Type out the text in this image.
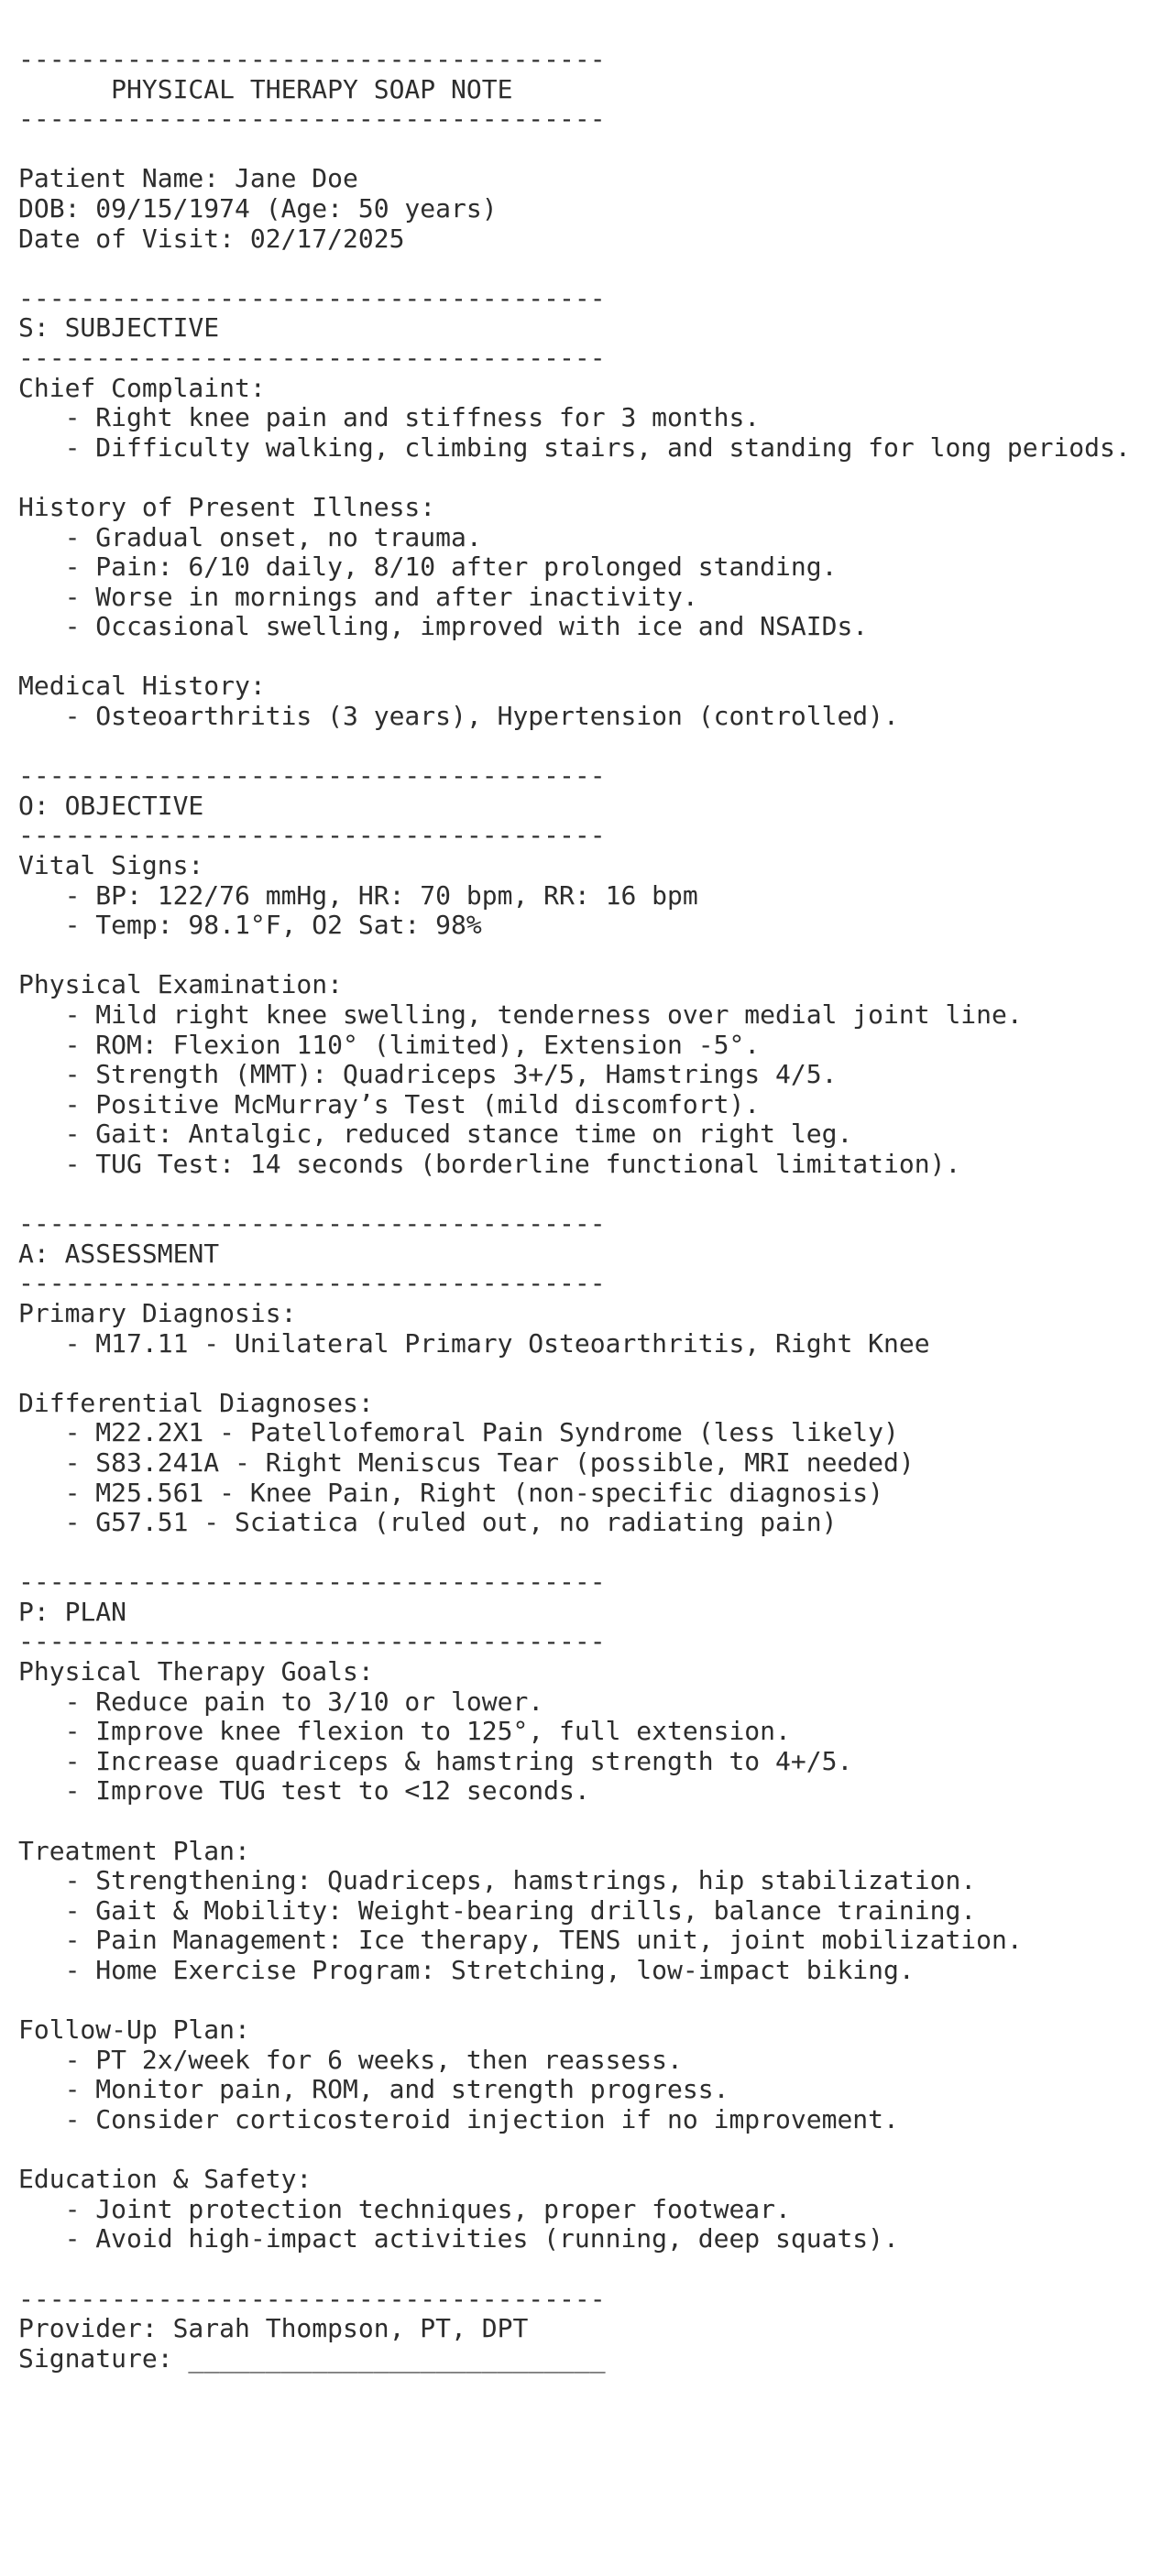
--------------------------------------
PHYSICAL THERAPY SOAP NOTE
--------------------------------------

Patient Name: Jane Doe
DOB: 09/15/1974 (Age: 50 years)
Date of Visit: 02/17/2025

--------------------------------------
S: SUBJECTIVE
--------------------------------------
Chief Complaint:
- Right knee pain and stiffness for 3 months.
- Difficulty walking, climbing stairs, and standing for long periods.

History of Present Illness:
- Gradual onset, no trauma.
- Pain: 6/10 daily, 8/10 after prolonged standing.
- Worse in mornings and after inactivity.
- Occasional swelling, improved with ice and NSAIDs.

Medical History:
- Osteoarthritis (3 years), Hypertension (controlled).

--------------------------------------
O: OBJECTIVE
--------------------------------------
Vital Signs:
- BP: 122/76 mmHg, HR: 70 bpm, RR: 16 bpm
- Temp: 98.1°F, O2 Sat: 98%

Physical Examination:
- Mild right knee swelling, tenderness over medial joint line.
- ROM: Flexion 110° (limited), Extension -5°.
- Strength (MMT): Quadriceps 3+/5, Hamstrings 4/5.
- Positive McMurray’s Test (mild discomfort).
- Gait: Antalgic, reduced stance time on right leg.
- TUG Test: 14 seconds (borderline functional limitation).

--------------------------------------
A: ASSESSMENT
--------------------------------------
Primary Diagnosis:
- M17.11 - Unilateral Primary Osteoarthritis, Right Knee

Differential Diagnoses:
- M22.2X1 - Patellofemoral Pain Syndrome (less likely)
- S83.241A - Right Meniscus Tear (possible, MRI needed)
- M25.561 - Knee Pain, Right (non-specific diagnosis)
- G57.51 - Sciatica (ruled out, no radiating pain)

--------------------------------------
P: PLAN
--------------------------------------
Physical Therapy Goals:
- Reduce pain to 3/10 or lower.
- Improve knee flexion to 125°, full extension.
- Increase quadriceps & hamstring strength to 4+/5.
- Improve TUG test to <12 seconds.

Treatment Plan:
- Strengthening: Quadriceps, hamstrings, hip stabilization.
- Gait & Mobility: Weight-bearing drills, balance training.
- Pain Management: Ice therapy, TENS unit, joint mobilization.
- Home Exercise Program: Stretching, low-impact biking.

Follow-Up Plan:
- PT 2x/week for 6 weeks, then reassess.
- Monitor pain, ROM, and strength progress.
- Consider corticosteroid injection if no improvement.

Education & Safety:
- Joint protection techniques, proper footwear.
- Avoid high-impact activities (running, deep squats).

--------------------------------------
Provider: Sarah Thompson, PT, DPT
Signature: ___________________________
